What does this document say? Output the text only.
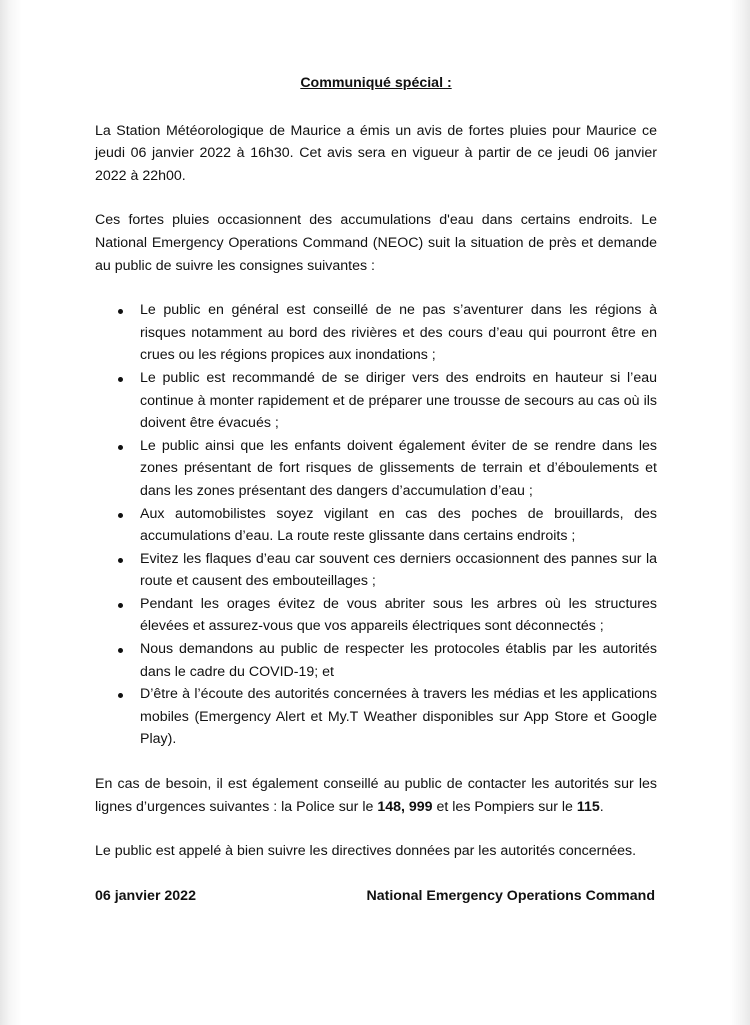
Communiqué spécial :

La Station Météorologique de Maurice a émis un avis de fortes pluies pour Maurice ce jeudi 06 janvier 2022 à 16h30. Cet avis sera en vigueur à partir de ce jeudi 06 janvier 2022 à 22h00.

Ces fortes pluies occasionnent des accumulations d'eau dans certains endroits. Le National Emergency Operations Command (NEOC) suit la situation de près et demande au public de suivre les consignes suivantes :

Le public en général est conseillé de ne pas s’aventurer dans les régions à risques notamment au bord des rivières et des cours d’eau qui pourront être en crues ou les régions propices aux inondations ;
Le public est recommandé de se diriger vers des endroits en hauteur si l’eau continue à monter rapidement et de préparer une trousse de secours au cas où ils doivent être évacués ;
Le public ainsi que les enfants doivent également éviter de se rendre dans les zones présentant de fort risques de glissements de terrain et d’éboulements et dans les zones présentant des dangers d’accumulation d’eau ;
Aux automobilistes soyez vigilant en cas des poches de brouillards, des accumulations d’eau. La route reste glissante dans certains endroits ;
Evitez les flaques d’eau car souvent ces derniers occasionnent des pannes sur la route et causent des embouteillages ;
Pendant les orages évitez de vous abriter sous les arbres où les structures élevées et assurez-vous que vos appareils électriques sont déconnectés ;
Nous demandons au public de respecter les protocoles établis par les autorités dans le cadre du COVID-19; et
D’être à l’écoute des autorités concernées à travers les médias et les applications mobiles (Emergency Alert et My.T Weather disponibles sur App Store et Google Play).

En cas de besoin, il est également conseillé au public de contacter les autorités sur les lignes d’urgences suivantes : la Police sur le 148, 999 et les Pompiers sur le 115.

Le public est appelé à bien suivre les directives données par les autorités concernées.

06 janvier 2022	National Emergency Operations Command
